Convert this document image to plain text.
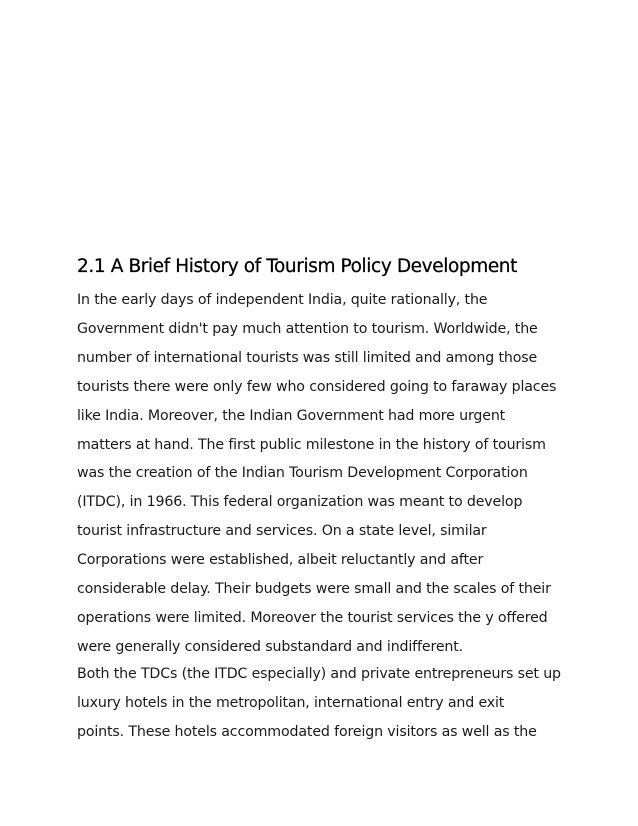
2.1 A Brief History of Tourism Policy Development

In the early days of independent India, quite rationally, the
Government didn't pay much attention to tourism. Worldwide, the
number of international tourists was still limited and among those
tourists there were only few who considered going to faraway places
like India. Moreover, the Indian Government had more urgent
matters at hand. The first public milestone in the history of tourism
was the creation of the Indian Tourism Development Corporation
(ITDC), in 1966. This federal organization was meant to develop
tourist infrastructure and services. On a state level, similar
Corporations were established, albeit reluctantly and after
considerable delay. Their budgets were small and the scales of their
operations were limited. Moreover the tourist services the y offered
were generally considered substandard and indifferent.

Both the TDCs (the ITDC especially) and private entrepreneurs set up
luxury hotels in the metropolitan, international entry and exit
points. These hotels accommodated foreign visitors as well as the
